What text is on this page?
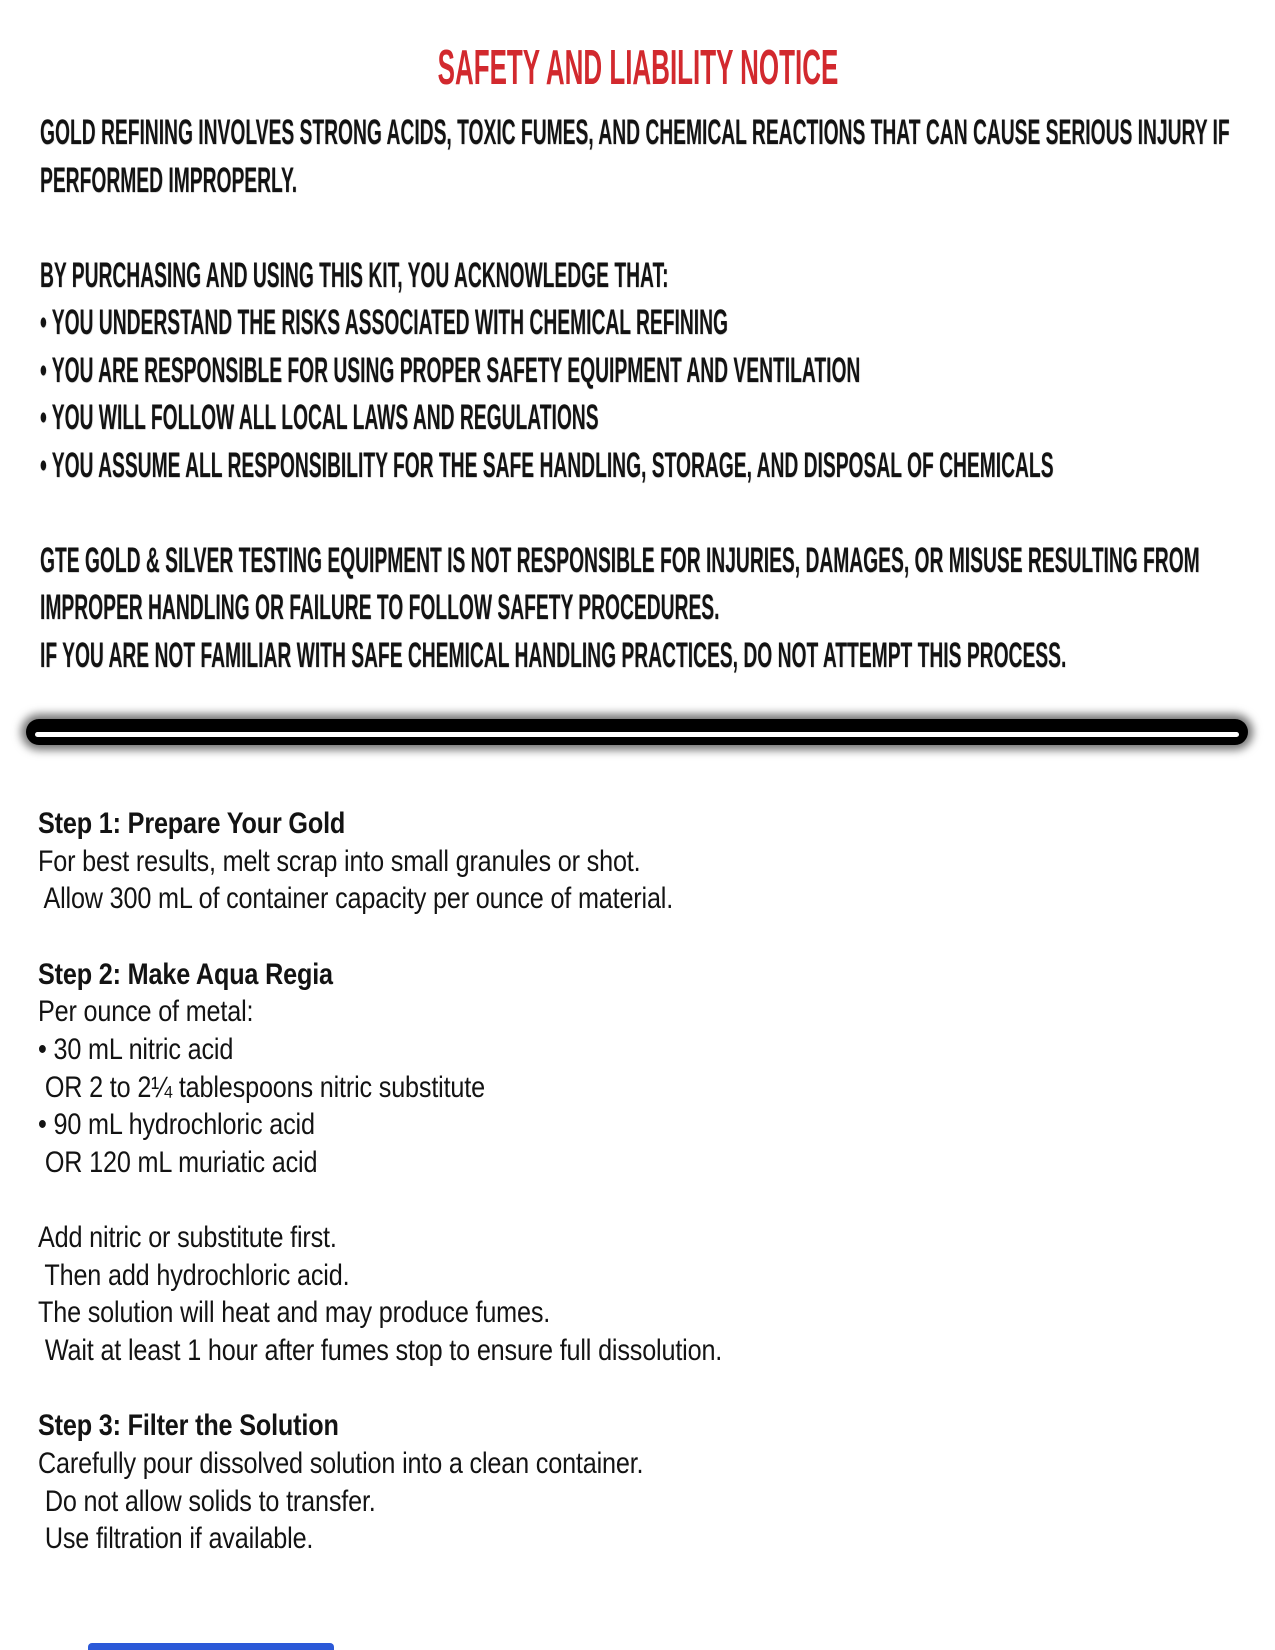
SAFETY AND LIABILITY NOTICE
GOLD REFINING INVOLVES STRONG ACIDS, TOXIC FUMES, AND CHEMICAL REACTIONS THAT CAN CAUSE SERIOUS INJURY IF
PERFORMED IMPROPERLY.
BY PURCHASING AND USING THIS KIT, YOU ACKNOWLEDGE THAT:
• YOU UNDERSTAND THE RISKS ASSOCIATED WITH CHEMICAL REFINING
• YOU ARE RESPONSIBLE FOR USING PROPER SAFETY EQUIPMENT AND VENTILATION
• YOU WILL FOLLOW ALL LOCAL LAWS AND REGULATIONS
• YOU ASSUME ALL RESPONSIBILITY FOR THE SAFE HANDLING, STORAGE, AND DISPOSAL OF CHEMICALS
GTE GOLD & SILVER TESTING EQUIPMENT IS NOT RESPONSIBLE FOR INJURIES, DAMAGES, OR MISUSE RESULTING FROM
IMPROPER HANDLING OR FAILURE TO FOLLOW SAFETY PROCEDURES.
IF YOU ARE NOT FAMILIAR WITH SAFE CHEMICAL HANDLING PRACTICES, DO NOT ATTEMPT THIS PROCESS.
Step 1: Prepare Your Gold
For best results, melt scrap into small granules or shot.
Allow 300 mL of container capacity per ounce of material.
Step 2: Make Aqua Regia
Per ounce of metal:
• 30 mL nitric acid
OR 2 to 2¼ tablespoons nitric substitute
• 90 mL hydrochloric acid
OR 120 mL muriatic acid
Add nitric or substitute first.
Then add hydrochloric acid.
The solution will heat and may produce fumes.
Wait at least 1 hour after fumes stop to ensure full dissolution.
Step 3: Filter the Solution
Carefully pour dissolved solution into a clean container.
Do not allow solids to transfer.
Use filtration if available.
